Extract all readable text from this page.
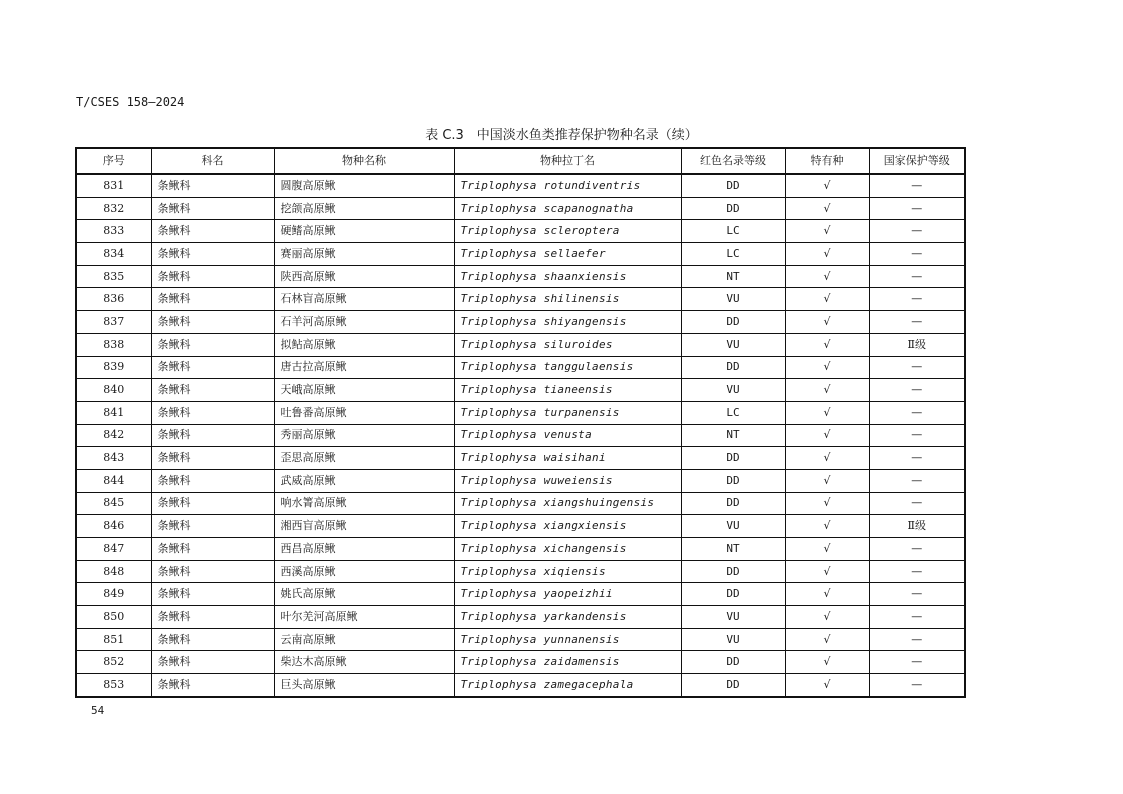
T/CSES 158—2024
表 C.3　中国淡水鱼类推荐保护物种名录（续）
序号	科名	物种名称	物种拉丁名	红色名录等级	特有种	国家保护等级
831	条鳅科	圆腹高原鳅	Triplophysa rotundiventris	DD	√	—
832	条鳅科	挖颌高原鳅	Triplophysa scapanognatha	DD	√	—
833	条鳅科	硬鳍高原鳅	Triplophysa scleroptera	LC	√	—
834	条鳅科	赛丽高原鳅	Triplophysa sellaefer	LC	√	—
835	条鳅科	陕西高原鳅	Triplophysa shaanxiensis	NT	√	—
836	条鳅科	石林盲高原鳅	Triplophysa shilinensis	VU	√	—
837	条鳅科	石羊河高原鳅	Triplophysa shiyangensis	DD	√	—
838	条鳅科	拟鲇高原鳅	Triplophysa siluroides	VU	√	Ⅱ级
839	条鳅科	唐古拉高原鳅	Triplophysa tanggulaensis	DD	√	—
840	条鳅科	天峨高原鳅	Triplophysa tianeensis	VU	√	—
841	条鳅科	吐鲁番高原鳅	Triplophysa turpanensis	LC	√	—
842	条鳅科	秀丽高原鳅	Triplophysa venusta	NT	√	—
843	条鳅科	歪思高原鳅	Triplophysa waisihani	DD	√	—
844	条鳅科	武威高原鳅	Triplophysa wuweiensis	DD	√	—
845	条鳅科	响水箐高原鳅	Triplophysa xiangshuingensis	DD	√	—
846	条鳅科	湘西盲高原鳅	Triplophysa xiangxiensis	VU	√	Ⅱ级
847	条鳅科	西昌高原鳅	Triplophysa xichangensis	NT	√	—
848	条鳅科	西溪高原鳅	Triplophysa xiqiensis	DD	√	—
849	条鳅科	姚氏高原鳅	Triplophysa yaopeizhii	DD	√	—
850	条鳅科	叶尔羌河高原鳅	Triplophysa yarkandensis	VU	√	—
851	条鳅科	云南高原鳅	Triplophysa yunnanensis	VU	√	—
852	条鳅科	柴达木高原鳅	Triplophysa zaidamensis	DD	√	—
853	条鳅科	巨头高原鳅	Triplophysa zamegacephala	DD	√	—
54
